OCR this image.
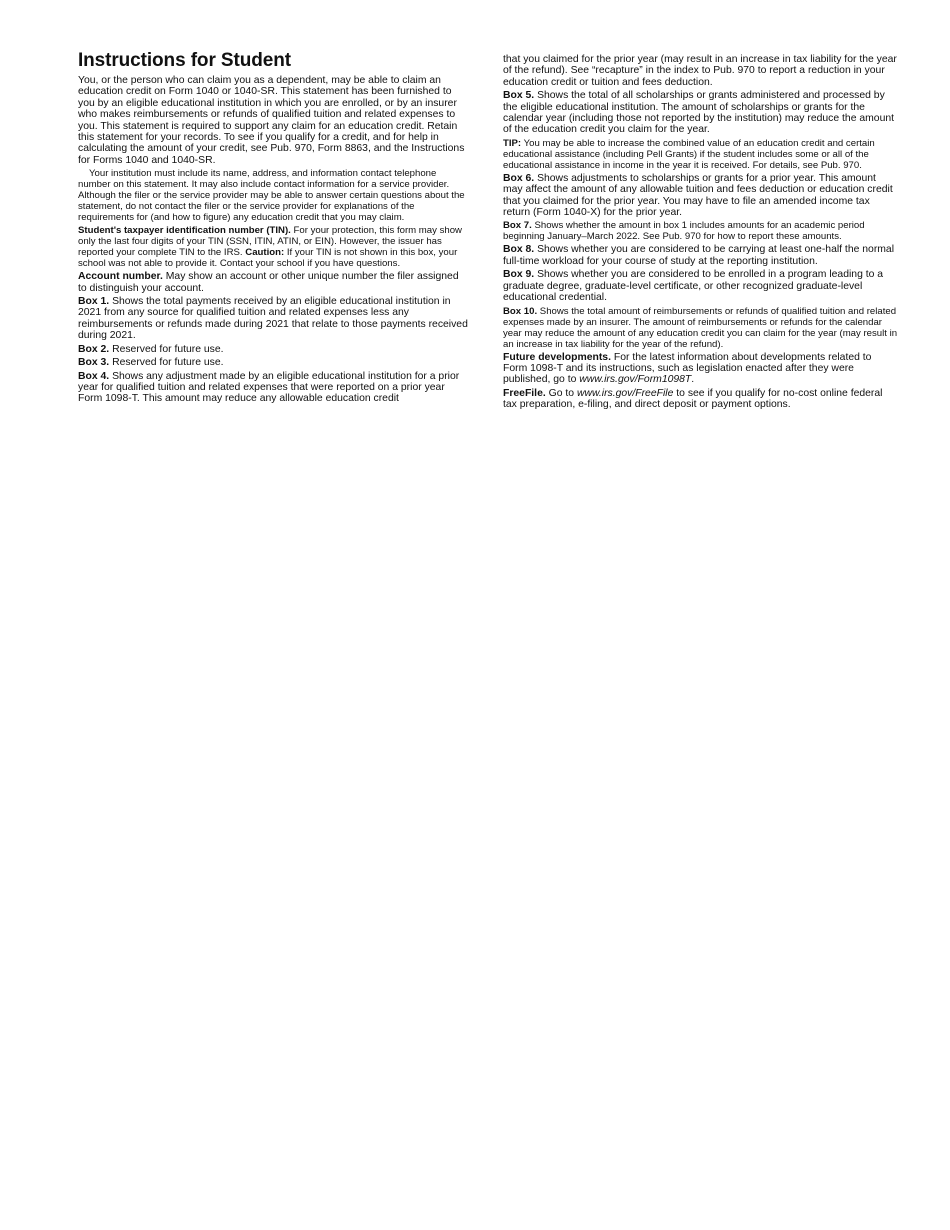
Instructions for Student

You, or the person who can claim you as a dependent, may be able to claim an education credit on Form 1040 or 1040-SR. This statement has been furnished to you by an eligible educational institution in which you are enrolled, or by an insurer who makes reimbursements or refunds of qualified tuition and related expenses to you. This statement is required to support any claim for an education credit. Retain this statement for your records. To see if you qualify for a credit, and for help in calculating the amount of your credit, see Pub. 970, Form 8863, and the Instructions for Forms 1040 and 1040-SR.

Your institution must include its name, address, and information contact telephone number on this statement. It may also include contact information for a service provider. Although the filer or the service provider may be able to answer certain questions about the statement, do not contact the filer or the service provider for explanations of the requirements for (and how to figure) any education credit that you may claim.

Student's taxpayer identification number (TIN). For your protection, this form may show only the last four digits of your TIN (SSN, ITIN, ATIN, or EIN). However, the issuer has reported your complete TIN to the IRS. Caution: If your TIN is not shown in this box, your school was not able to provide it. Contact your school if you have questions.

Account number. May show an account or other unique number the filer assigned to distinguish your account.

Box 1. Shows the total payments received by an eligible educational institution in 2021 from any source for qualified tuition and related expenses less any reimbursements or refunds made during 2021 that relate to those payments received during 2021.

Box 2. Reserved for future use.

Box 3. Reserved for future use.

Box 4. Shows any adjustment made by an eligible educational institution for a prior year for qualified tuition and related expenses that were reported on a prior year Form 1098-T. This amount may reduce any allowable education credit

that you claimed for the prior year (may result in an increase in tax liability for the year of the refund). See “recapture” in the index to Pub. 970 to report a reduction in your education credit or tuition and fees deduction.

Box 5. Shows the total of all scholarships or grants administered and processed by the eligible educational institution. The amount of scholarships or grants for the calendar year (including those not reported by the institution) may reduce the amount of the education credit you claim for the year.

TIP: You may be able to increase the combined value of an education credit and certain educational assistance (including Pell Grants) if the student includes some or all of the educational assistance in income in the year it is received. For details, see Pub. 970.

Box 6. Shows adjustments to scholarships or grants for a prior year. This amount may affect the amount of any allowable tuition and fees deduction or education credit that you claimed for the prior year. You may have to file an amended income tax return (Form 1040-X) for the prior year.

Box 7. Shows whether the amount in box 1 includes amounts for an academic period beginning January–March 2022. See Pub. 970 for how to report these amounts.

Box 8. Shows whether you are considered to be carrying at least one-half the normal full-time workload for your course of study at the reporting institution.

Box 9. Shows whether you are considered to be enrolled in a program leading to a graduate degree, graduate-level certificate, or other recognized graduate-level educational credential.

Box 10. Shows the total amount of reimbursements or refunds of qualified tuition and related expenses made by an insurer. The amount of reimbursements or refunds for the calendar year may reduce the amount of any education credit you can claim for the year (may result in an increase in tax liability for the year of the refund).

Future developments. For the latest information about developments related to Form 1098-T and its instructions, such as legislation enacted after they were published, go to www.irs.gov/Form1098T.

FreeFile. Go to www.irs.gov/FreeFile to see if you qualify for no-cost online federal tax preparation, e-filing, and direct deposit or payment options.
